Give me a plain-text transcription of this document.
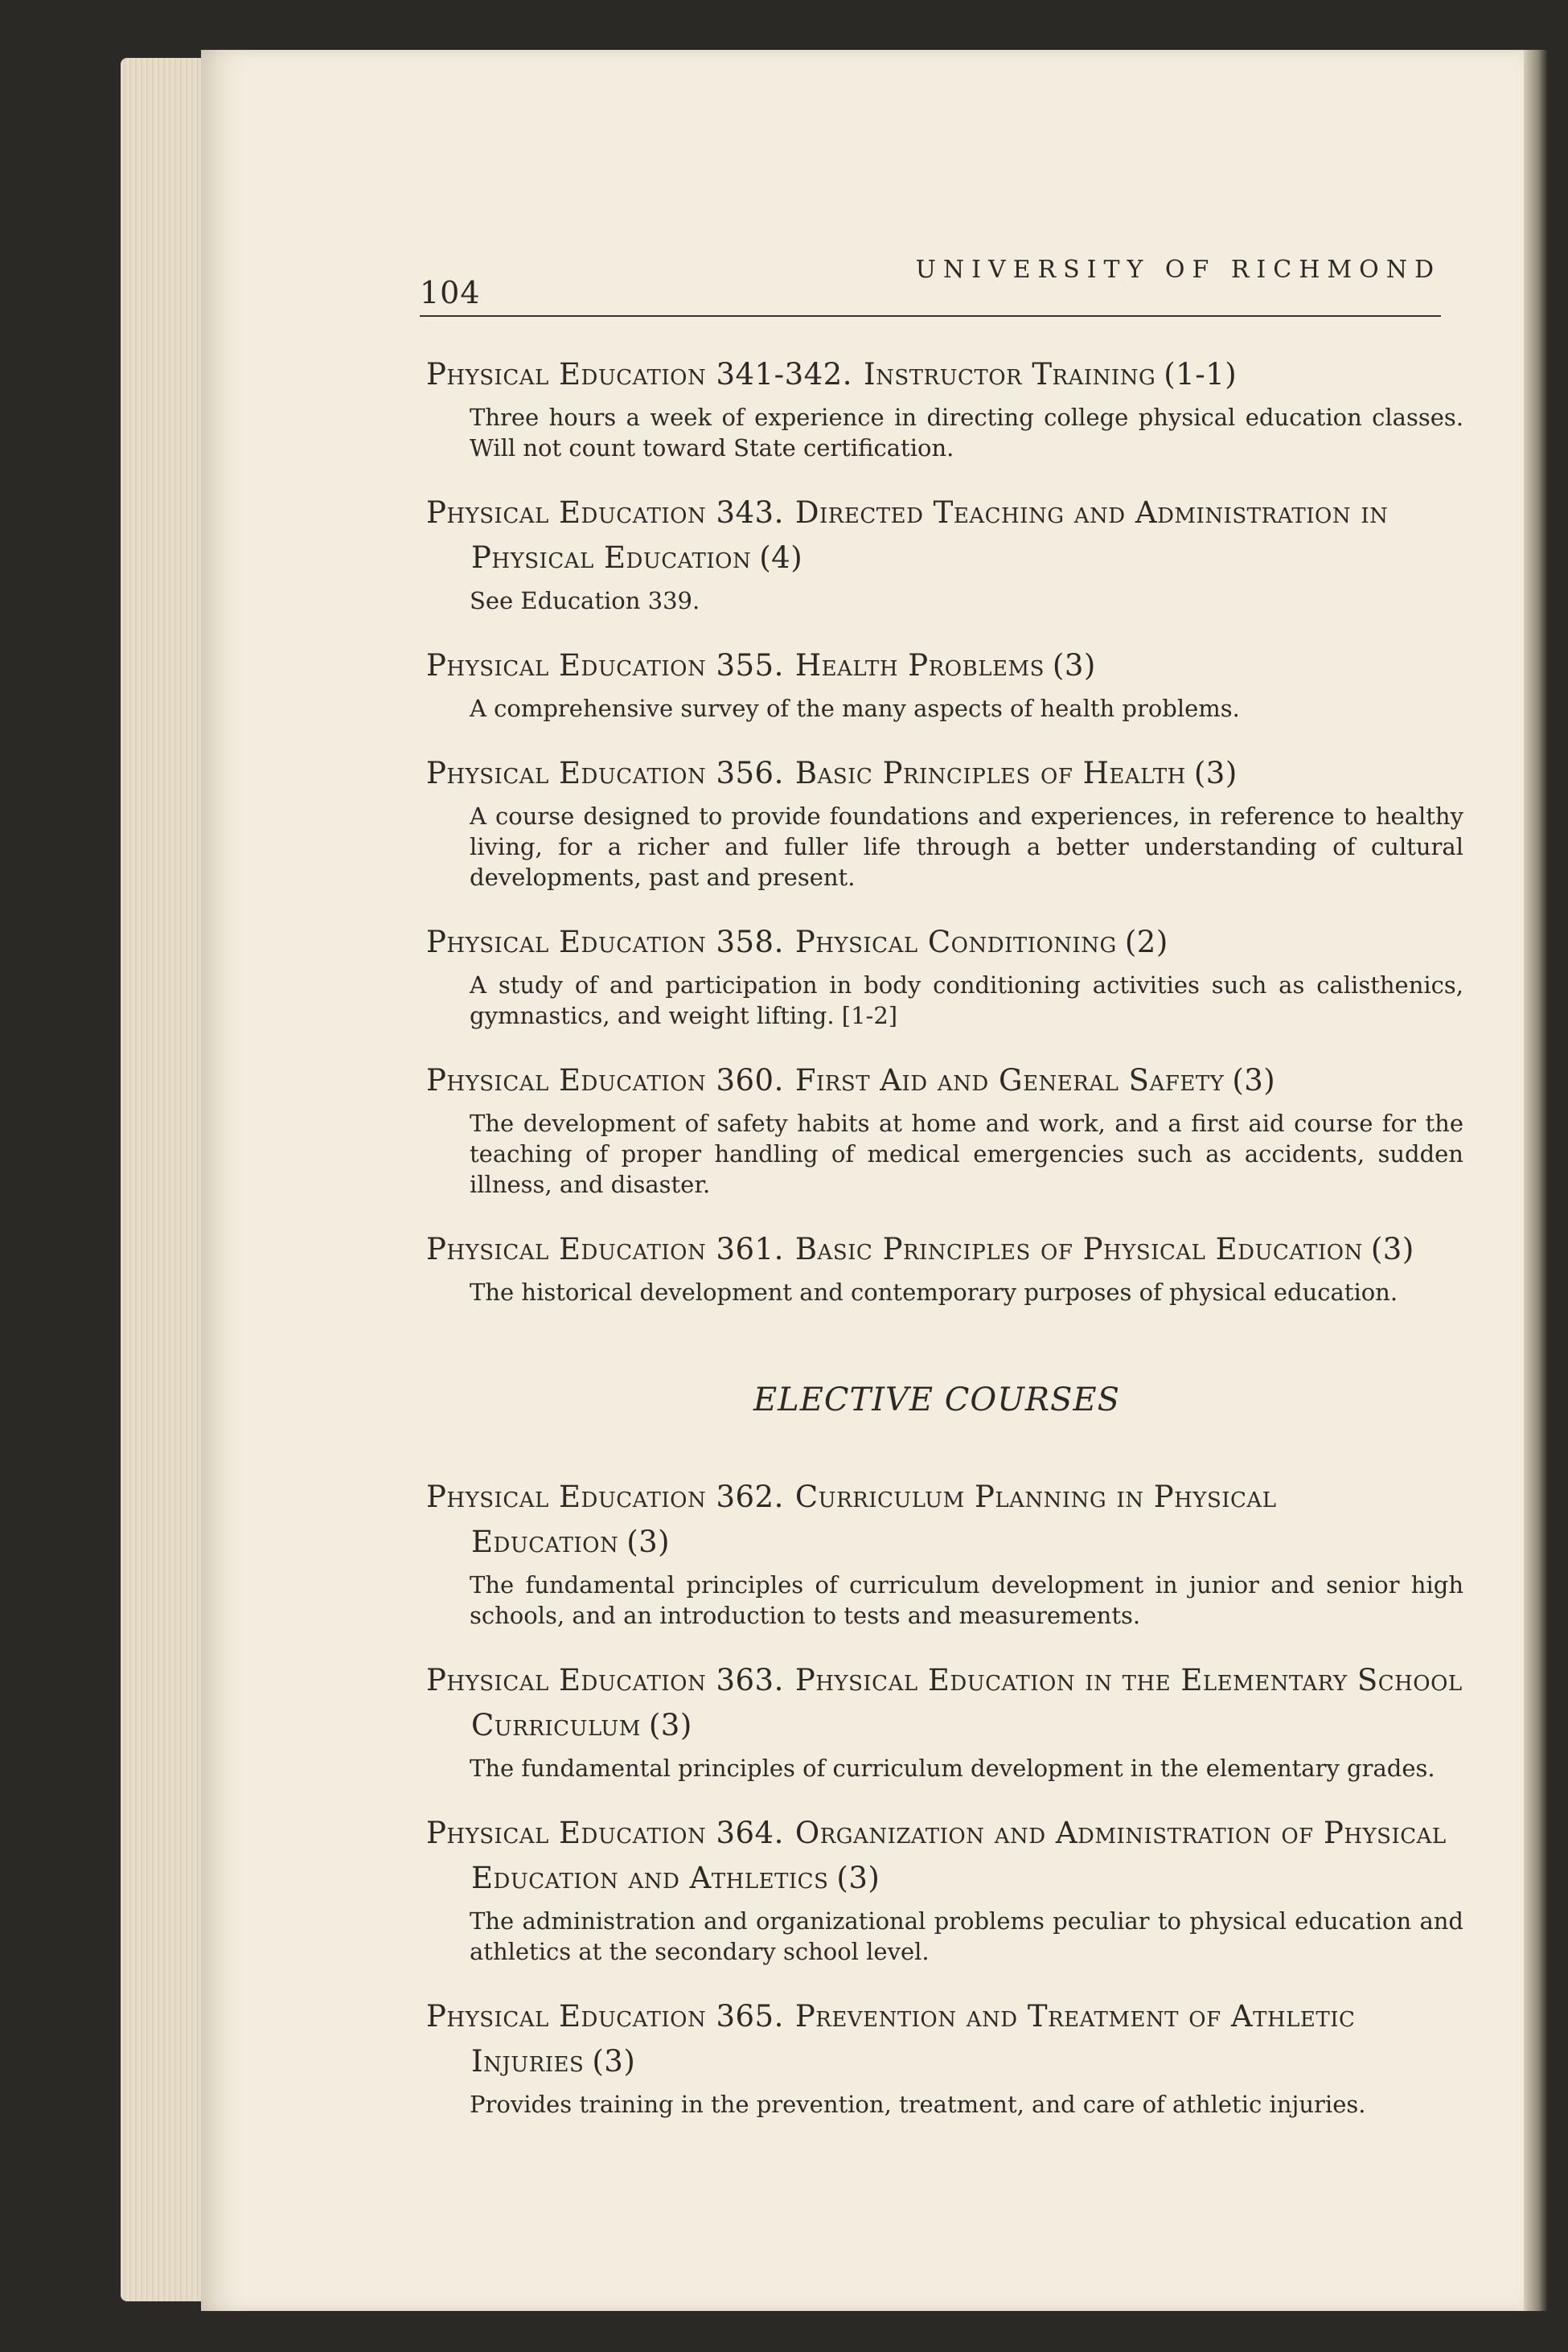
104
UNIVERSITY OF RICHMOND
Physical Education 341-342. Instructor Training (1-1)
Three hours a week of experience in directing college physical education classes. Will not count toward State certification.
Physical Education 343. Directed Teaching and Administration in Physical Education (4)
See Education 339.
Physical Education 355. Health Problems (3)
A comprehensive survey of the many aspects of health problems.
Physical Education 356. Basic Principles of Health (3)
A course designed to provide foundations and experiences, in reference to healthy living, for a richer and fuller life through a better understanding of cultural developments, past and present.
Physical Education 358. Physical Conditioning (2)
A study of and participation in body conditioning activities such as calisthenics, gymnastics, and weight lifting. [1-2]
Physical Education 360. First Aid and General Safety (3)
The development of safety habits at home and work, and a first aid course for the teaching of proper handling of medical emergencies such as accidents, sudden illness, and disaster.
Physical Education 361. Basic Principles of Physical Education (3)
The historical development and contemporary purposes of physical education.
ELECTIVE COURSES
Physical Education 362. Curriculum Planning in Physical Education (3)
The fundamental principles of curriculum development in junior and senior high schools, and an introduction to tests and measurements.
Physical Education 363. Physical Education in the Elementary School Curriculum (3)
The fundamental principles of curriculum development in the elementary grades.
Physical Education 364. Organization and Administration of Physical Education and Athletics (3)
The administration and organizational problems peculiar to physical education and athletics at the secondary school level.
Physical Education 365. Prevention and Treatment of Athletic Injuries (3)
Provides training in the prevention, treatment, and care of athletic injuries.
